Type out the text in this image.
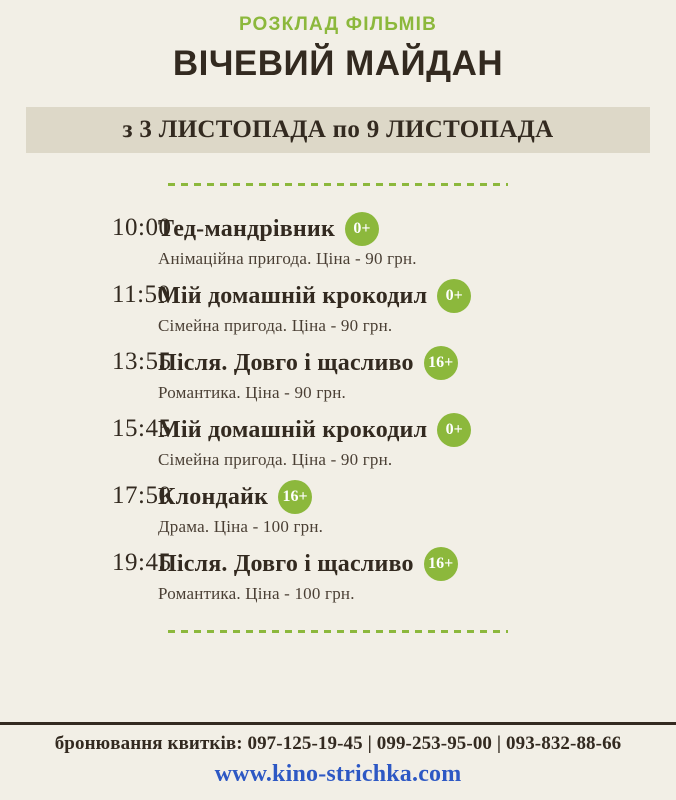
РОЗКЛАД ФІЛЬМІВ
ВІЧЕВИЙ МАЙДАН
з 3 ЛИСТОПАДА по 9 ЛИСТОПАДА
10:00
Тед-мандрівник	0+
Анімаційна пригода. Ціна - 90 грн.
11:50
Мій домашній крокодил	0+
Сімейна пригода. Ціна - 90 грн.
13:55
Після. Довго і щасливо 16+
Романтика. Ціна - 90 грн.
15:45
Мій домашній крокодил	0+
Сімейна пригода. Ціна - 90 грн.
17:50
Клондайк 16+
Драма. Ціна - 100 грн.
19:45
Після. Довго і щасливо 16+
Романтика. Ціна - 100 грн.
бронювання квитків: 097-125-19-45 | 099-253-95-00 | 093-832-88-66
www.kino-strichka.com
